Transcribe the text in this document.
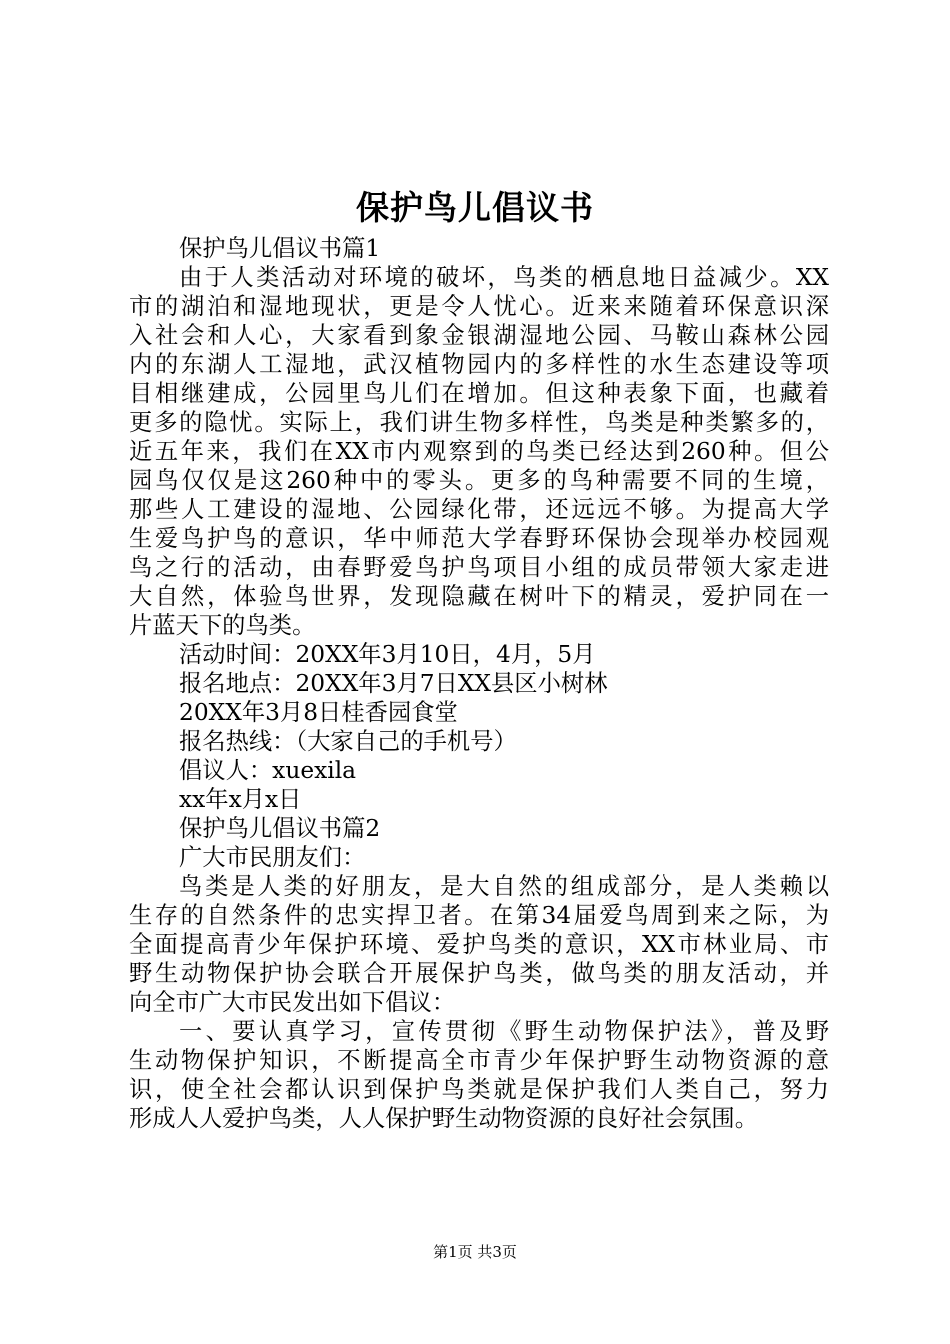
保护鸟儿倡议书
保护鸟儿倡议书篇1
由于人类活动对环境的破坏，鸟类的栖息地日益减少。XX
市的湖泊和湿地现状，更是令人忧心。近来来随着环保意识深
入社会和人心，大家看到象金银湖湿地公园、马鞍山森林公园
内的东湖人工湿地，武汉植物园内的多样性的水生态建设等项
目相继建成，公园里鸟儿们在增加。但这种表象下面，也藏着
更多的隐忧。实际上，我们讲生物多样性，鸟类是种类繁多的，
近五年来，我们在XX市内观察到的鸟类已经达到260种。但公
园鸟仅仅是这260种中的零头。更多的鸟种需要不同的生境，
那些人工建设的湿地、公园绿化带，还远远不够。为提高大学
生爱鸟护鸟的意识，华中师范大学春野环保协会现举办校园观
鸟之行的活动，由春野爱鸟护鸟项目小组的成员带领大家走进
大自然，体验鸟世界，发现隐藏在树叶下的精灵，爱护同在一
片蓝天下的鸟类。
活动时间：20XX年3月10日，4月，5月
报名地点：20XX年3月7日XX县区小树林
20XX年3月8日桂香园食堂
报名热线：（大家自己的手机号）
倡议人：xuexila
xx年x月x日
保护鸟儿倡议书篇2
广大市民朋友们：
鸟类是人类的好朋友，是大自然的组成部分，是人类赖以
生存的自然条件的忠实捍卫者。在第34届爱鸟周到来之际，为
全面提高青少年保护环境、爱护鸟类的意识，XX市林业局、市
野生动物保护协会联合开展保护鸟类，做鸟类的朋友活动，并
向全市广大市民发出如下倡议：
一、要认真学习，宣传贯彻《野生动物保护法》，普及野
生动物保护知识，不断提高全市青少年保护野生动物资源的意
识，使全社会都认识到保护鸟类就是保护我们人类自己，努力
形成人人爱护鸟类，人人保护野生动物资源的良好社会氛围。
第1页 共3页
